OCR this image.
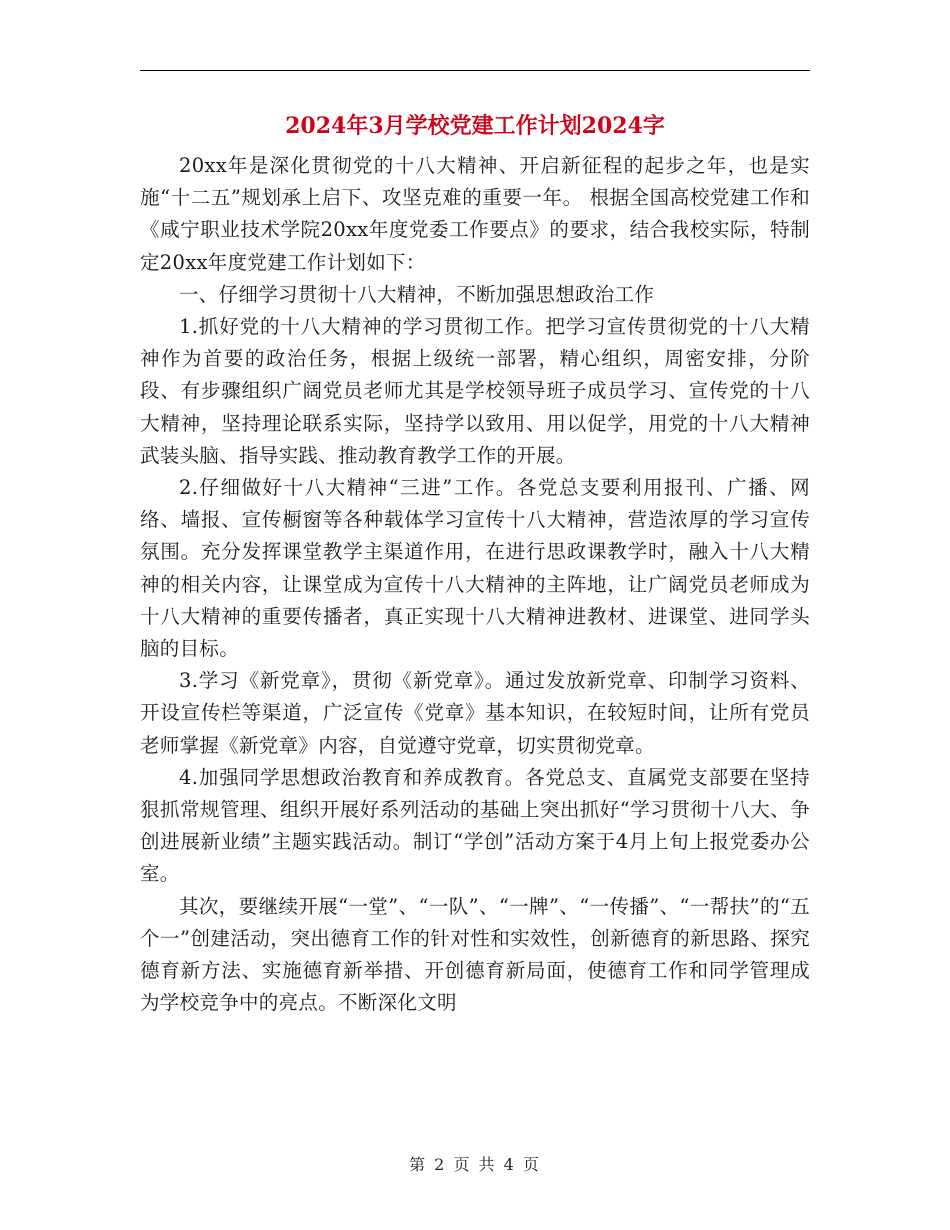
2024年3月学校党建工作计划2024字

20xx年是深化贯彻党的十八大精神、开启新征程的起步之年，也是实施“十二五”规划承上启下、攻坚克难的重要一年。 根据全国高校党建工作和《咸宁职业技术学院20xx年度党委工作要点》的要求，结合我校实际，特制定20xx年度党建工作计划如下：

一、仔细学习贯彻十八大精神，不断加强思想政治工作

1.抓好党的十八大精神的学习贯彻工作。把学习宣传贯彻党的十八大精神作为首要的政治任务，根据上级统一部署，精心组织，周密安排，分阶段、有步骤组织广阔党员老师尤其是学校领导班子成员学习、宣传党的十八大精神，坚持理论联系实际，坚持学以致用、用以促学，用党的十八大精神武装头脑、指导实践、推动教育教学工作的开展。

2.仔细做好十八大精神“三进”工作。各党总支要利用报刊、广播、网络、墙报、宣传橱窗等各种载体学习宣传十八大精神，营造浓厚的学习宣传氛围。充分发挥课堂教学主渠道作用，在进行思政课教学时，融入十八大精神的相关内容，让课堂成为宣传十八大精神的主阵地，让广阔党员老师成为十八大精神的重要传播者，真正实现十八大精神进教材、进课堂、进同学头脑的目标。

3.学习《新党章》，贯彻《新党章》。通过发放新党章、印制学习资料、开设宣传栏等渠道，广泛宣传《党章》基本知识，在较短时间，让所有党员老师掌握《新党章》内容，自觉遵守党章，切实贯彻党章。

4.加强同学思想政治教育和养成教育。各党总支、直属党支部要在坚持狠抓常规管理、组织开展好系列活动的基础上突出抓好“学习贯彻十八大、争创进展新业绩”主题实践活动。制订“学创”活动方案于4月上旬上报党委办公室。

其次，要继续开展“一堂”、“一队”、“一牌”、“一传播”、“一帮扶”的“五个一”创建活动，突出德育工作的针对性和实效性，创新德育的新思路、探究德育新方法、实施德育新举措、开创德育新局面，使德育工作和同学管理成为学校竞争中的亮点。不断深化文明

第 2 页 共 4 页
